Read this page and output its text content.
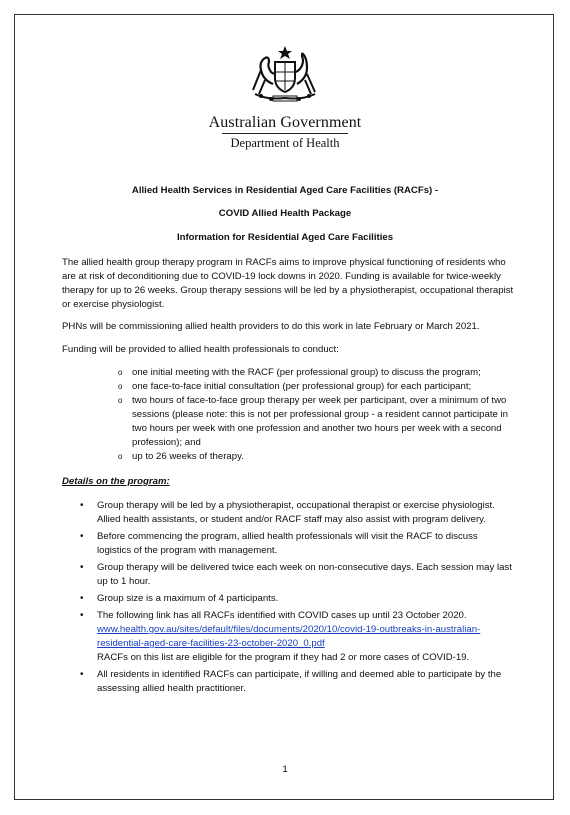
Australian Government
Department of Health
Allied Health Services in Residential Aged Care Facilities (RACFs) -
COVID Allied Health Package
Information for Residential Aged Care Facilities
The allied health group therapy program in RACFs aims to improve physical functioning of residents who are at risk of deconditioning due to COVID-19 lock downs in 2020. Funding is available for twice-weekly therapy for up to 26 weeks. Group therapy sessions will be led by a physiotherapist, occupational therapist or exercise physiologist.
PHNs will be commissioning allied health providers to do this work in late February or March 2021.
Funding will be provided to allied health professionals to conduct:
o one initial meeting with the RACF (per professional group) to discuss the program;
o one face-to-face initial consultation (per professional group) for each participant;
o two hours of face-to-face group therapy per week per participant, over a minimum of two sessions (please note: this is not per professional group - a resident cannot participate in two hours per week with one profession and another two hours per week with a second profession); and
o up to 26 weeks of therapy.
Details on the program:
• Group therapy will be led by a physiotherapist, occupational therapist or exercise physiologist. Allied health assistants, or student and/or RACF staff may also assist with program delivery.
• Before commencing the program, allied health professionals will visit the RACF to discuss logistics of the program with management.
• Group therapy will be delivered twice each week on non-consecutive days. Each session may last up to 1 hour.
• Group size is a maximum of 4 participants.
• The following link has all RACFs identified with COVID cases up until 23 October 2020.
www.health.gov.au/sites/default/files/documents/2020/10/covid-19-outbreaks-in-australian-residential-aged-care-facilities-23-october-2020_0.pdf
RACFs on this list are eligible for the program if they had 2 or more cases of COVID-19.
• All residents in identified RACFs can participate, if willing and deemed able to participate by the assessing allied health practitioner.
1
